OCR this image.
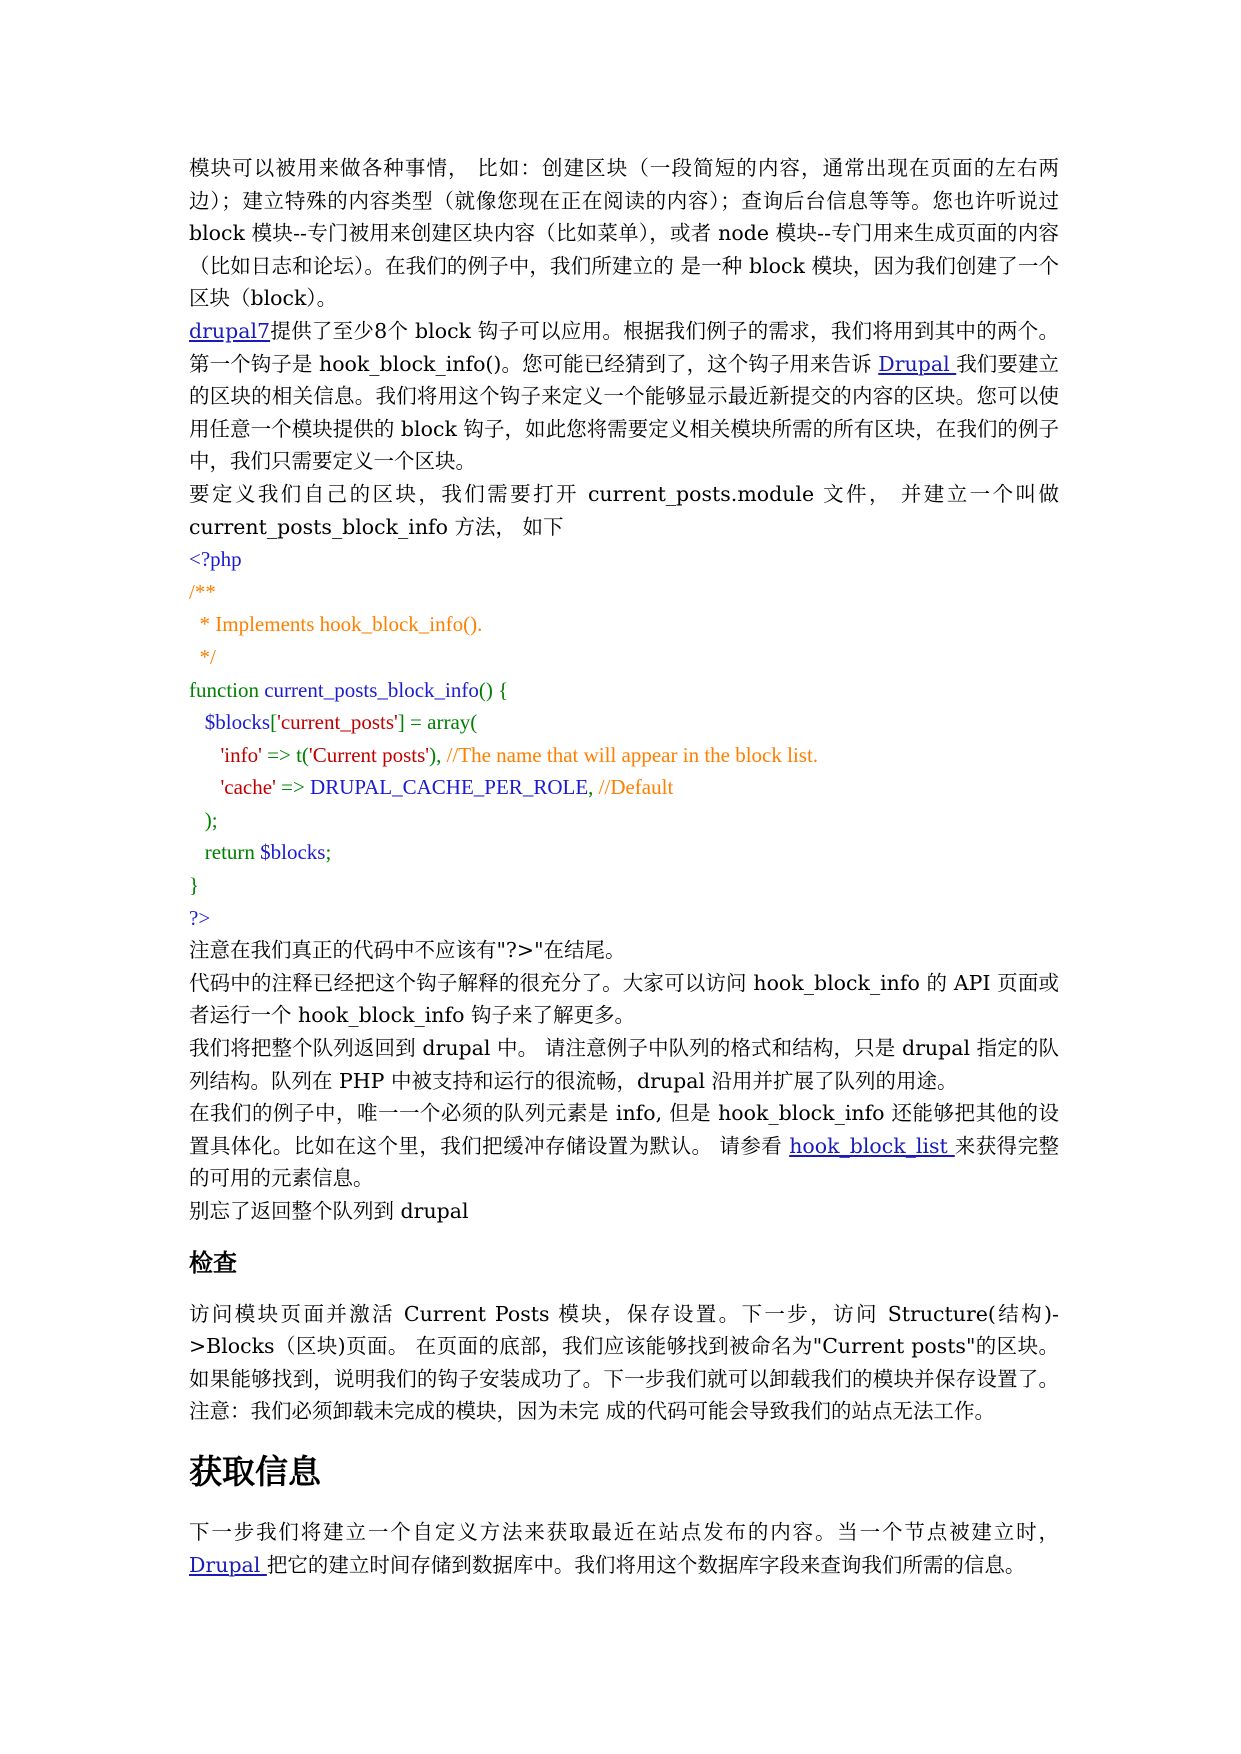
模块可以被用来做各种事情， 比如：创建区块（一段简短的内容，通常出现在页面的左右两边）；建立特殊的内容类型（就像您现在正在阅读的内容）；查询后台信息等等。您也许听说过 block 模块--专门被用来创建区块内容（比如菜单），或者 node 模块--专门用来生成页面的内容（比如日志和论坛）。在我们的例子中，我们所建立的 是一种 block 模块，因为我们创建了一个区块（block）。

drupal7提供了至少8个 block 钩子可以应用。根据我们例子的需求，我们将用到其中的两个。第一个钩子是 hook_block_info()。您可能已经猜到了，这个钩子用来告诉 Drupal 我们要建立的区块的相关信息。我们将用这个钩子来定义一个能够显示最近新提交的内容的区块。您可以使用任意一个模块提供的 block 钩子，如此您将需要定义相关模块所需的所有区块，在我们的例子中，我们只需要定义一个区块。

要定义我们自己的区块，我们需要打开 current_posts.module 文件， 并建立一个叫做

current_posts_block_info 方法， 如下

<?php
/**
* Implements hook_block_info().
*/
function current_posts_block_info() {
$blocks['current_posts'] = array(
'info' => t('Current posts'), //The name that will appear in the block list.
'cache' => DRUPAL_CACHE_PER_ROLE, //Default
);
return $blocks;
}
?>

注意在我们真正的代码中不应该有"?>"在结尾。

代码中的注释已经把这个钩子解释的很充分了。大家可以访问 hook_block_info 的 API 页面或者运行一个 hook_block_info 钩子来了解更多。

我们将把整个队列返回到 drupal 中。 请注意例子中队列的格式和结构，只是 drupal 指定的队列结构。队列在 PHP 中被支持和运行的很流畅，drupal 沿用并扩展了队列的用途。

在我们的例子中，唯一一个必须的队列元素是 info, 但是 hook_block_info 还能够把其他的设置具体化。比如在这个里，我们把缓冲存储设置为默认。 请参看 hook_block_list 来获得完整的可用的元素信息。

别忘了返回整个队列到 drupal

检查

访问模块页面并激活 Current Posts 模块，保存设置。下一步，访问 Structure(结构)->Blocks（区块)页面。 在页面的底部，我们应该能够找到被命名为"Current posts"的区块。如果能够找到，说明我们的钩子安装成功了。下一步我们就可以卸载我们的模块并保存设置了。注意：我们必须卸载未完成的模块，因为未完 成的代码可能会导致我们的站点无法工作。

获取信息

下一步我们将建立一个自定义方法来获取最近在站点发布的内容。当一个节点被建立时，Drupal 把它的建立时间存储到数据库中。我们将用这个数据库字段来查询我们所需的信息。
